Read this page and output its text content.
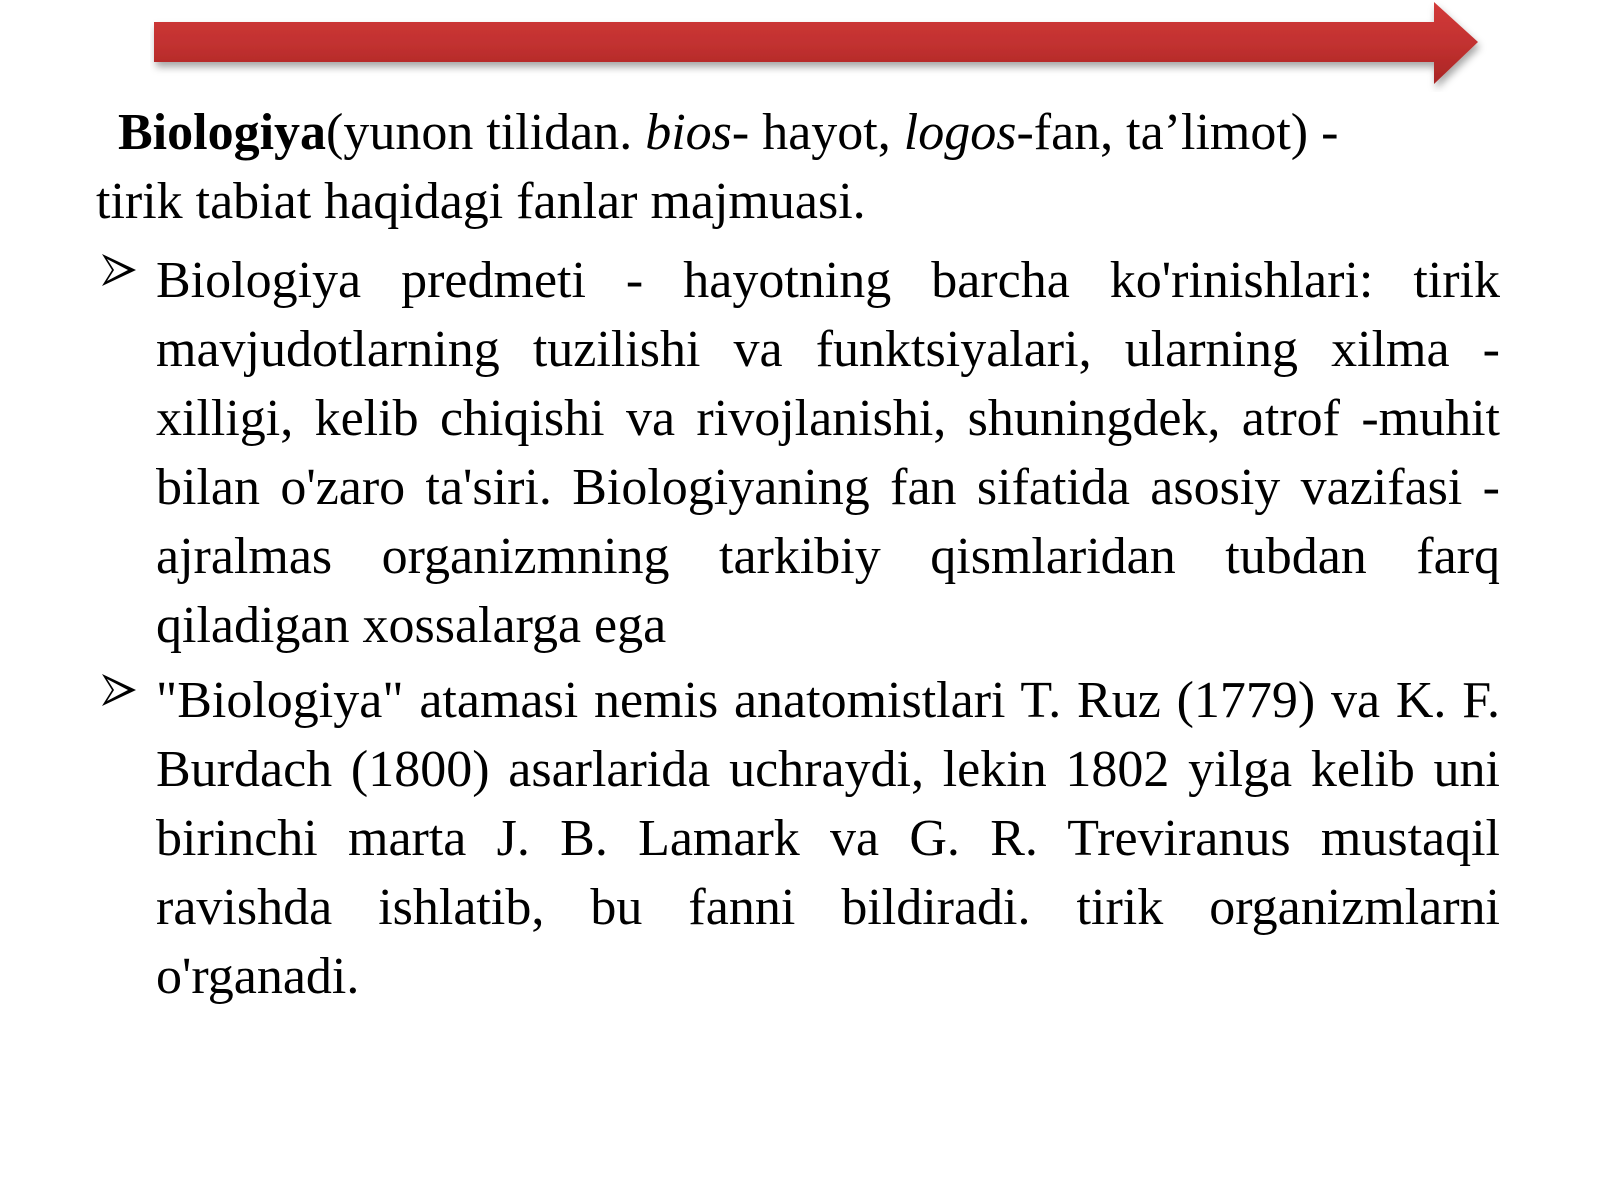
Biologiya(yunon tilidan. bios- hayot, logos-fan, ta’limot) -
tirik tabiat haqidagi fanlar majmuasi.

Biologiya predmeti - hayotning barcha ko'rinishlari: tirik mavjudotlarning tuzilishi va funktsiyalari, ularning xilma -xilligi, kelib chiqishi va rivojlanishi, shuningdek, atrof -muhit bilan o'zaro ta'siri. Biologiyaning fan sifatida asosiy vazifasi - ajralmas organizmning tarkibiy qismlaridan tubdan farq qiladigan xossalarga ega

"Biologiya" atamasi nemis anatomistlari T. Ruz (1779) va K. F. Burdach (1800) asarlarida uchraydi, lekin 1802 yilga kelib uni birinchi marta J. B. Lamark va G. R. Treviranus mustaqil ravishda ishlatib, bu fanni bildiradi. tirik organizmlarni o'rganadi.
